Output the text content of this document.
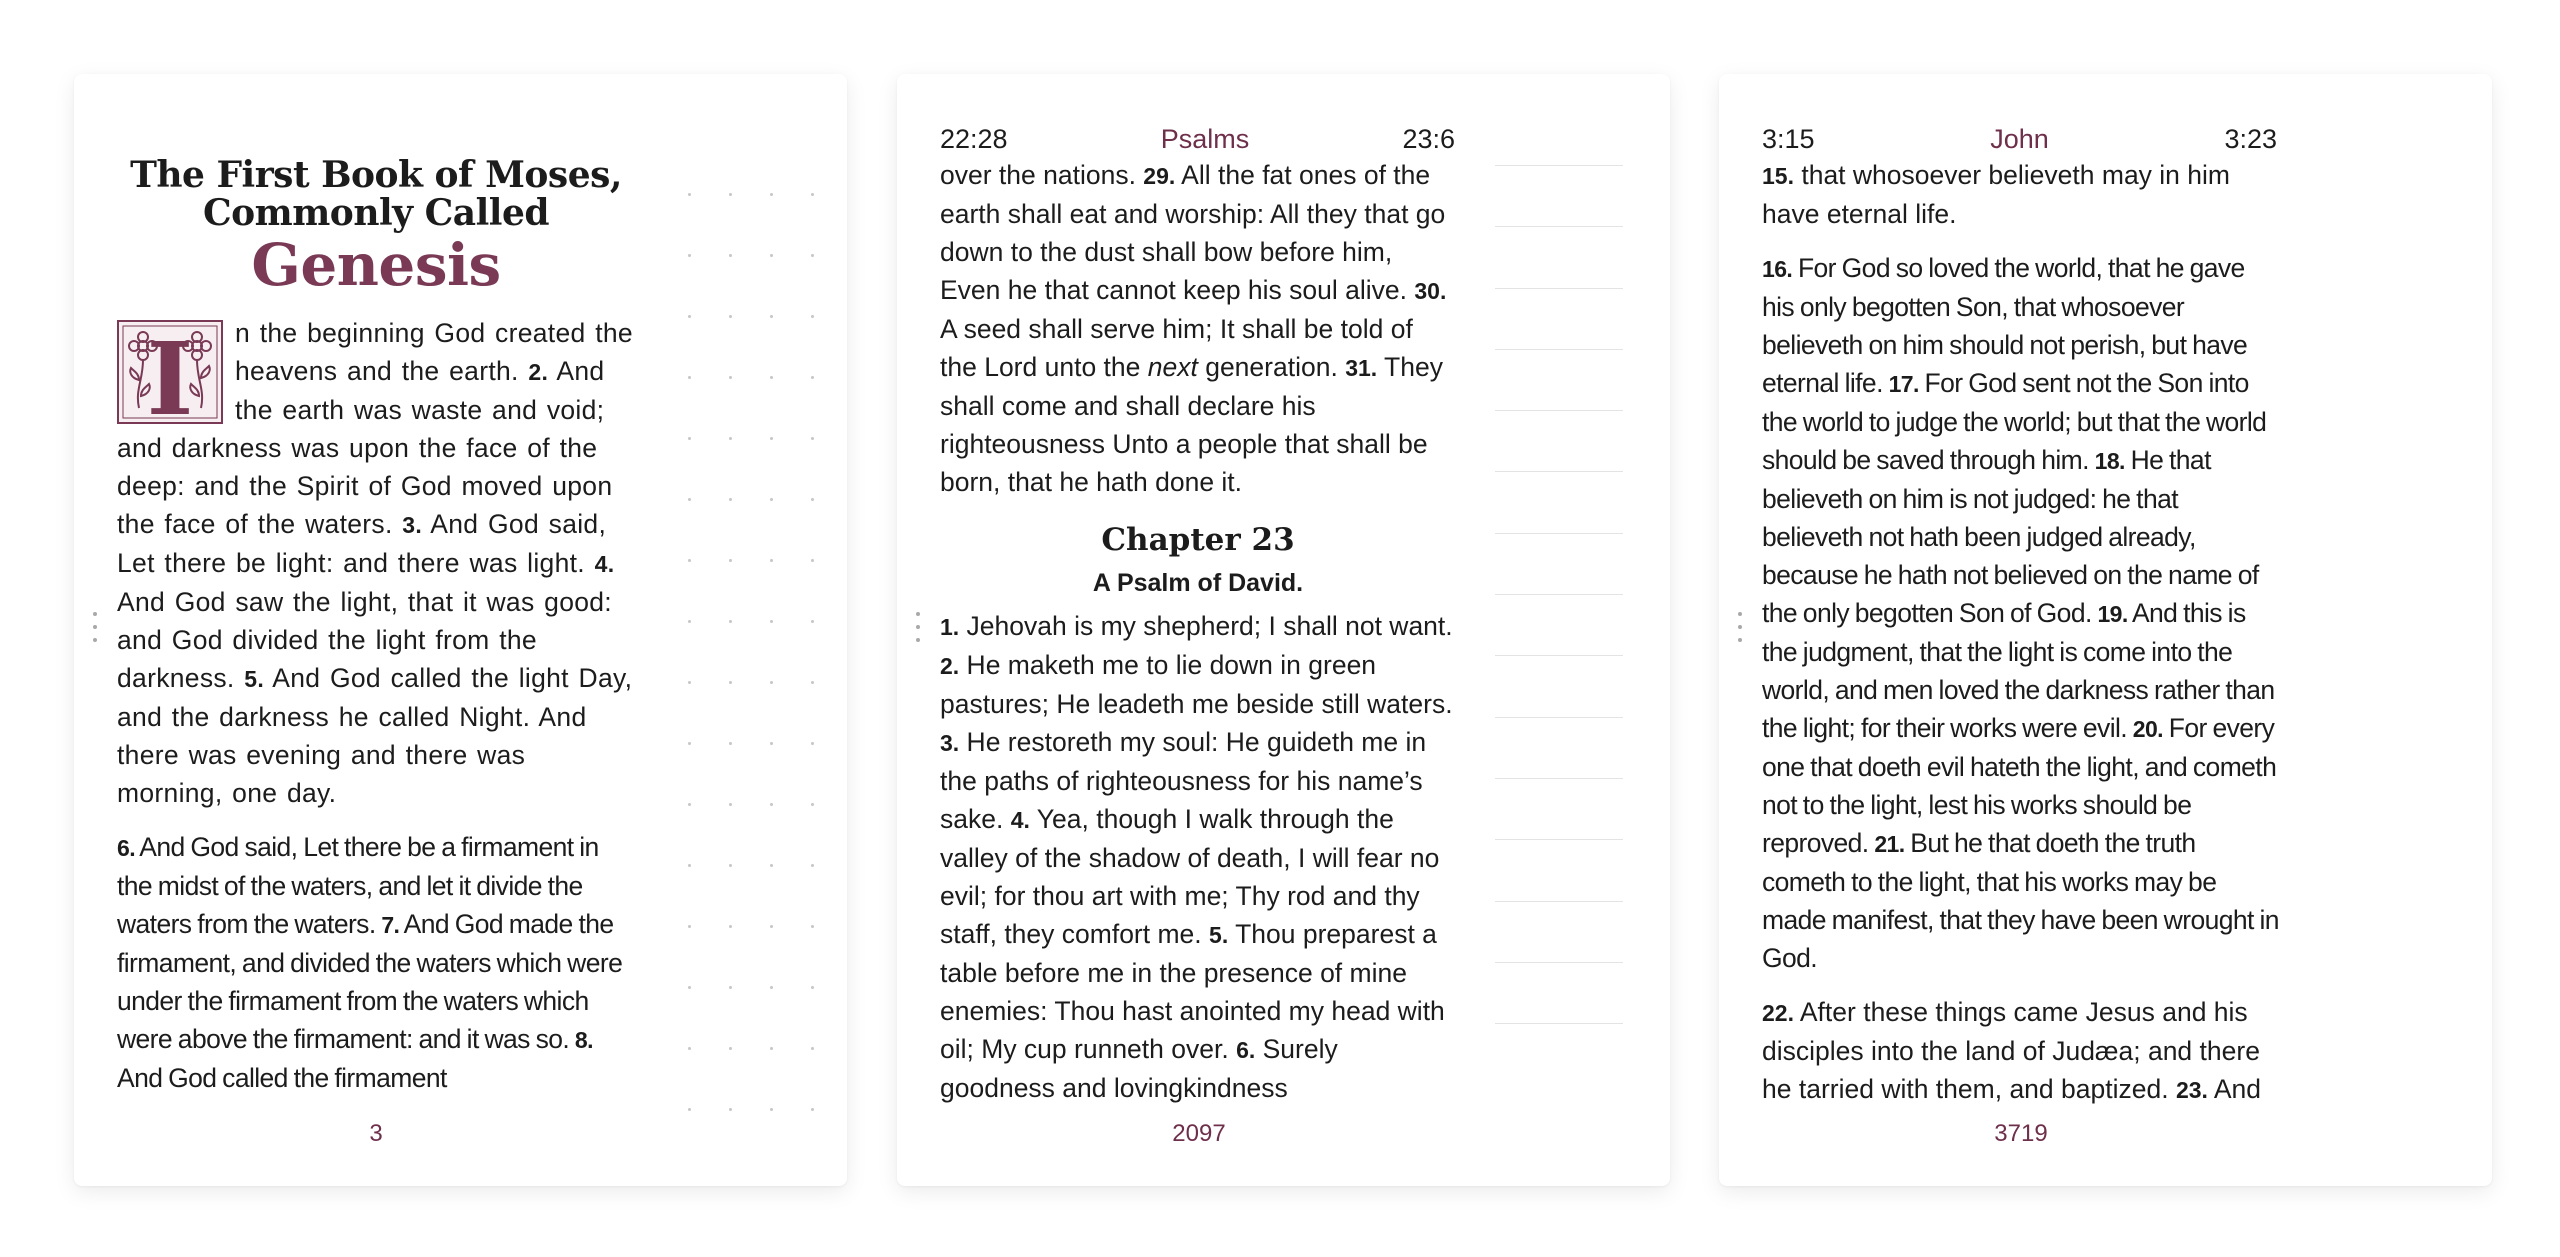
The First Book of Moses,
Commonly Called
Genesis
I	n the beginning God created the heavens and the earth. 2. And the earth was waste and void; and darkness was upon the face of the deep: and the Spirit of God moved upon the face of the waters. 3. And God said, Let there be light: and there was light. 4. And God saw the light, that it was good: and God divided the light from the darkness. 5. And God called the light Day, and the darkness he called Night. And there was evening and there was morning, one day.

6. And God said, Let there be a firmament in the midst of the waters, and let it divide the waters from the waters. 7. And God made the firmament, and divided the waters which were under the firmament from the waters which were above the firmament: and it was so. 8. And God called the firmament

3
22:28	Psalms	23:6

over the nations. 29. All the fat ones of the earth shall eat and worship: All they that go down to the dust shall bow before him, Even he that cannot keep his soul alive. 30. A seed shall serve him; It shall be told of the Lord unto the next generation. 31. They shall come and shall declare his righteousness Unto a people that shall be born, that he hath done it.

Chapter 23
A Psalm of David.

1. Jehovah is my shepherd; I shall not want. 2. He maketh me to lie down in green pastures; He leadeth me beside still waters. 3. He restoreth my soul: He guideth me in the paths of righteousness for his name’s sake. 4. Yea, though I walk through the valley of the shadow of death, I will fear no evil; for thou art with me; Thy rod and thy staff, they comfort me. 5. Thou preparest a table before me in the presence of mine enemies: Thou hast anointed my head with oil; My cup runneth over. 6. Surely goodness and lovingkindness

2097
3:15	John	3:23

15. that whosoever believeth may in him have eternal life.

16. For God so loved the world, that he gave his only begotten Son, that whosoever believeth on him should not perish, but have eternal life. 17. For God sent not the Son into the world to judge the world; but that the world should be saved through him. 18. He that believeth on him is not judged: he that believeth not hath been judged already, because he hath not believed on the name of the only begotten Son of God. 19. And this is the judgment, that the light is come into the world, and men loved the darkness rather than the light; for their works were evil. 20. For every one that doeth evil hateth the light, and cometh not to the light, lest his works should be reproved. 21. But he that doeth the truth cometh to the light, that his works may be made manifest, that they have been wrought in God.

22. After these things came Jesus and his disciples into the land of Judæa; and there he tarried with them, and baptized. 23. And

3719
